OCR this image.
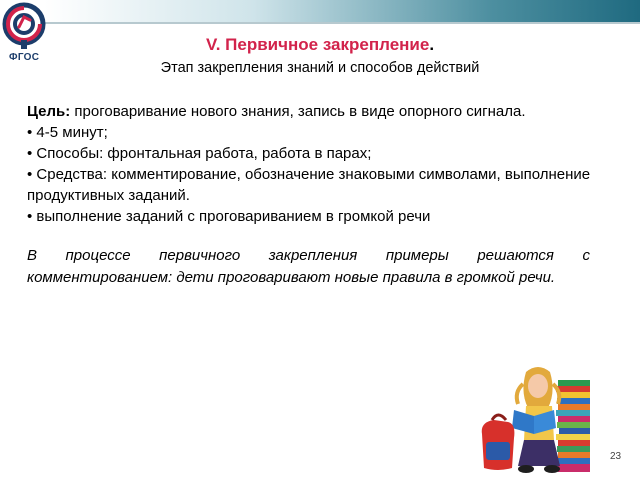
ФГОС
V. Первичное закрепление.
Этап закрепления знаний и способов действий

Цель: проговаривание нового знания, запись в виде опорного сигнала.

• 4-5 минут;

• Способы: фронтальная работа, работа в парах;

• Средства: комментирование, обозначение знаковыми символами, выполнение продуктивных заданий.

• выполнение заданий с проговариванием в громкой речи

В процессе первичного закрепления примеры решаются с комментированием: дети проговаривают новые правила в громкой речи.
23
